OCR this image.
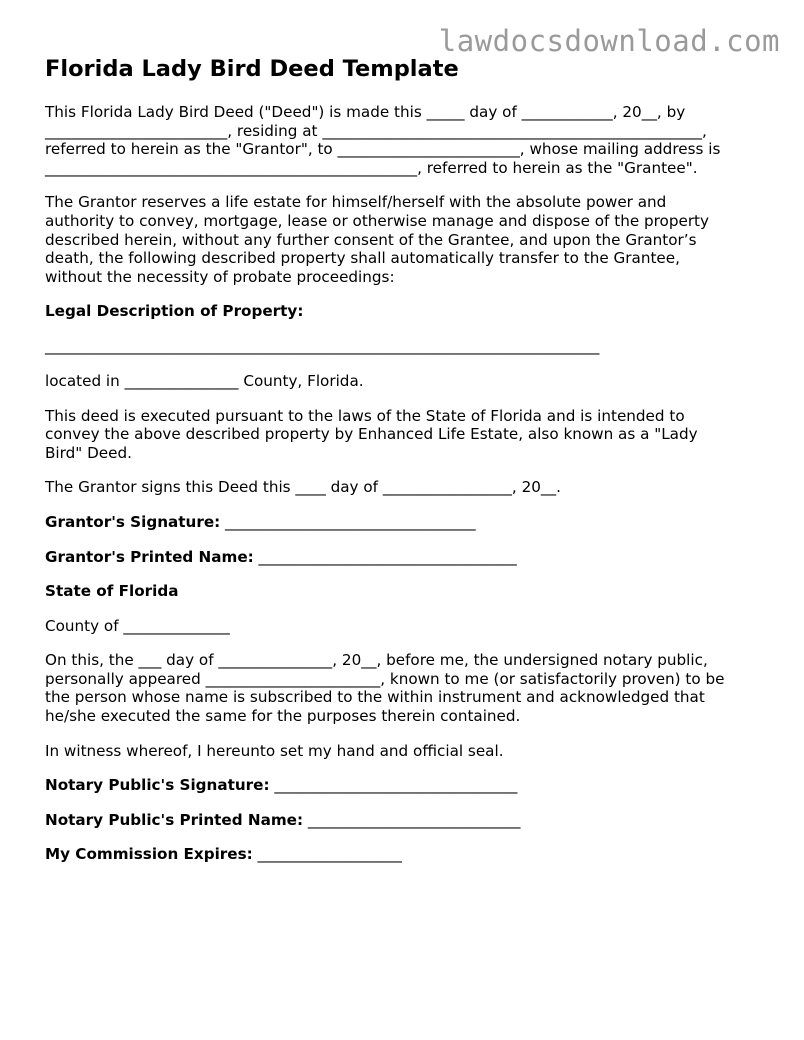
lawdocsdownload.com
Florida Lady Bird Deed Template

This Florida Lady Bird Deed ("Deed") is made this _____ day of ____________, 20__, by

________________________, residing at __________________________________________________,

referred to herein as the "Grantor", to ________________________, whose mailing address is

_________________________________________________, referred to herein as the "Grantee".

The Grantor reserves a life estate for himself/herself with the absolute power and

authority to convey, mortgage, lease or otherwise manage and dispose of the property

described herein, without any further consent of the Grantee, and upon the Grantor’s

death, the following described property shall automatically transfer to the Grantee,

without the necessity of probate proceedings:

Legal Description of Property:

_________________________________________________________________________

located in _______________ County, Florida.

This deed is executed pursuant to the laws of the State of Florida and is intended to

convey the above described property by Enhanced Life Estate, also known as a "Lady

Bird" Deed.

The Grantor signs this Deed this ____ day of _________________, 20__.

Grantor's Signature: _________________________________

Grantor's Printed Name: __________________________________

State of Florida

County of ______________

On this, the ___ day of _______________, 20__, before me, the undersigned notary public,

personally appeared _______________________, known to me (or satisfactorily proven) to be

the person whose name is subscribed to the within instrument and acknowledged that

he/she executed the same for the purposes therein contained.

In witness whereof, I hereunto set my hand and official seal.

Notary Public's Signature: ________________________________

Notary Public's Printed Name: ____________________________

My Commission Expires: ___________________
